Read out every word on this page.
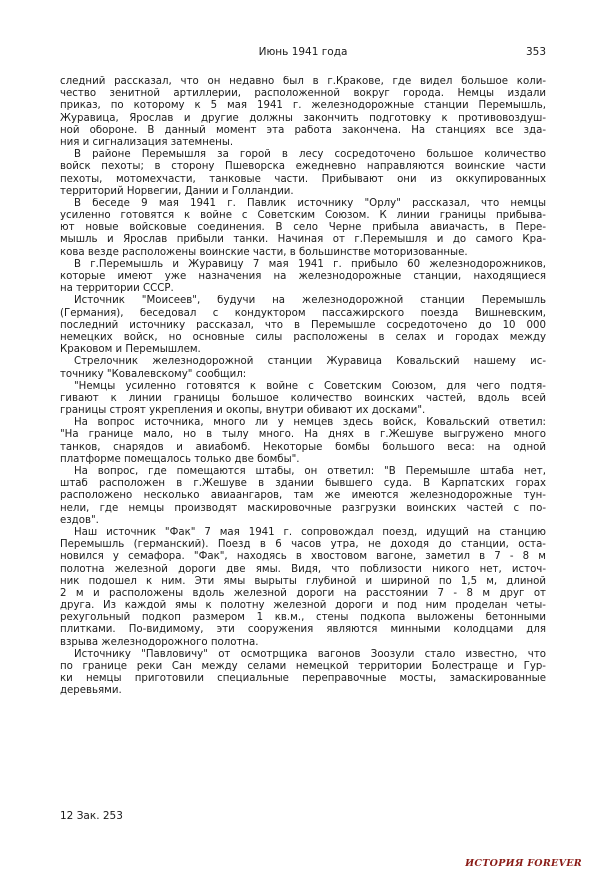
Июнь 1941 года	353
следний рассказал, что он недавно был в г.Кракове, где видел большое коли-
чество зенитной артиллерии, расположенной вокруг города. Немцы издали
приказ, по которому к 5 мая 1941 г. железнодорожные станции Перемышль,
Журавица, Ярослав и другие должны закончить подготовку к противовоздуш-
ной обороне. В данный момент эта работа закончена. На станциях все зда-
ния и сигнализация затемнены.
В районе Перемышля за горой в лесу сосредоточено большое количество
войск пехоты; в сторону Пшеворска ежедневно направляются воинские части
пехоты, мотомехчасти, танковые части. Прибывают они из оккупированных
территорий Норвегии, Дании и Голландии.
В беседе 9 мая 1941 г. Павлик источнику "Орлу" рассказал, что немцы
усиленно готовятся к войне с Советским Союзом. К линии границы прибыва-
ют новые войсковые соединения. В село Черне прибыла авиачасть, в Пере-
мышль и Ярослав прибыли танки. Начиная от г.Перемышля и до самого Кра-
кова везде расположены воинские части, в большинстве моторизованные.
В г.Перемышль и Журавицу 7 мая 1941 г. прибыло 60 железнодорожников,
которые имеют уже назначения на железнодорожные станции, находящиеся
на территории СССР.
Источник "Моисеев", будучи на железнодорожной станции Перемышль
(Германия), беседовал с кондуктором пассажирского поезда Вишневским,
последний источнику рассказал, что в Перемышле сосредоточено до 10 000
немецких войск, но основные силы расположены в селах и городах между
Краковом и Перемышлем.
Стрелочник железнодорожной станции Журавица Ковальский нашему ис-
точнику "Ковалевскому" сообщил:
"Немцы усиленно готовятся к войне с Советским Союзом, для чего подтя-
гивают к линии границы большое количество воинских частей, вдоль всей
границы строят укрепления и окопы, внутри обивают их досками".
На вопрос источника, много ли у немцев здесь войск, Ковальский ответил:
"На границе мало, но в тылу много. На днях в г.Жешуве выгружено много
танков, снарядов и авиабомб. Некоторые бомбы большого веса: на одной
платформе помещалось только две бомбы".
На вопрос, где помещаются штабы, он ответил: "В Перемышле штаба нет,
штаб расположен в г.Жешуве в здании бывшего суда. В Карпатских горах
расположено несколько авиаангаров, там же имеются железнодорожные тун-
нели, где немцы производят маскировочные разгрузки воинских частей с по-
ездов".
Наш источник "Фак" 7 мая 1941 г. сопровождал поезд, идущий на станцию
Перемышль (германский). Поезд в 6 часов утра, не доходя до станции, оста-
новился у семафора. "Фак", находясь в хвостовом вагоне, заметил в 7 - 8 м
полотна железной дороги две ямы. Видя, что поблизости никого нет, источ-
ник подошел к ним. Эти ямы вырыты глубиной и шириной по 1,5 м, длиной
2 м и расположены вдоль железной дороги на расстоянии 7 - 8 м друг от
друга. Из каждой ямы к полотну железной дороги и под ним проделан четы-
рехугольный подкоп размером 1 кв.м., стены подкопа выложены бетонными
плитками. По-видимому, эти сооружения являются минными колодцами для
взрыва железнодорожного полотна.
Источнику "Павловичу" от осмотрщика вагонов Зоозули стало известно, что
по границе реки Сан между селами немецкой территории Болестраще и Гур-
ки немцы приготовили специальные переправочные мосты, замаскированные
деревьями.
12 Зак. 253
ИСТОРИЯ FOREVER
